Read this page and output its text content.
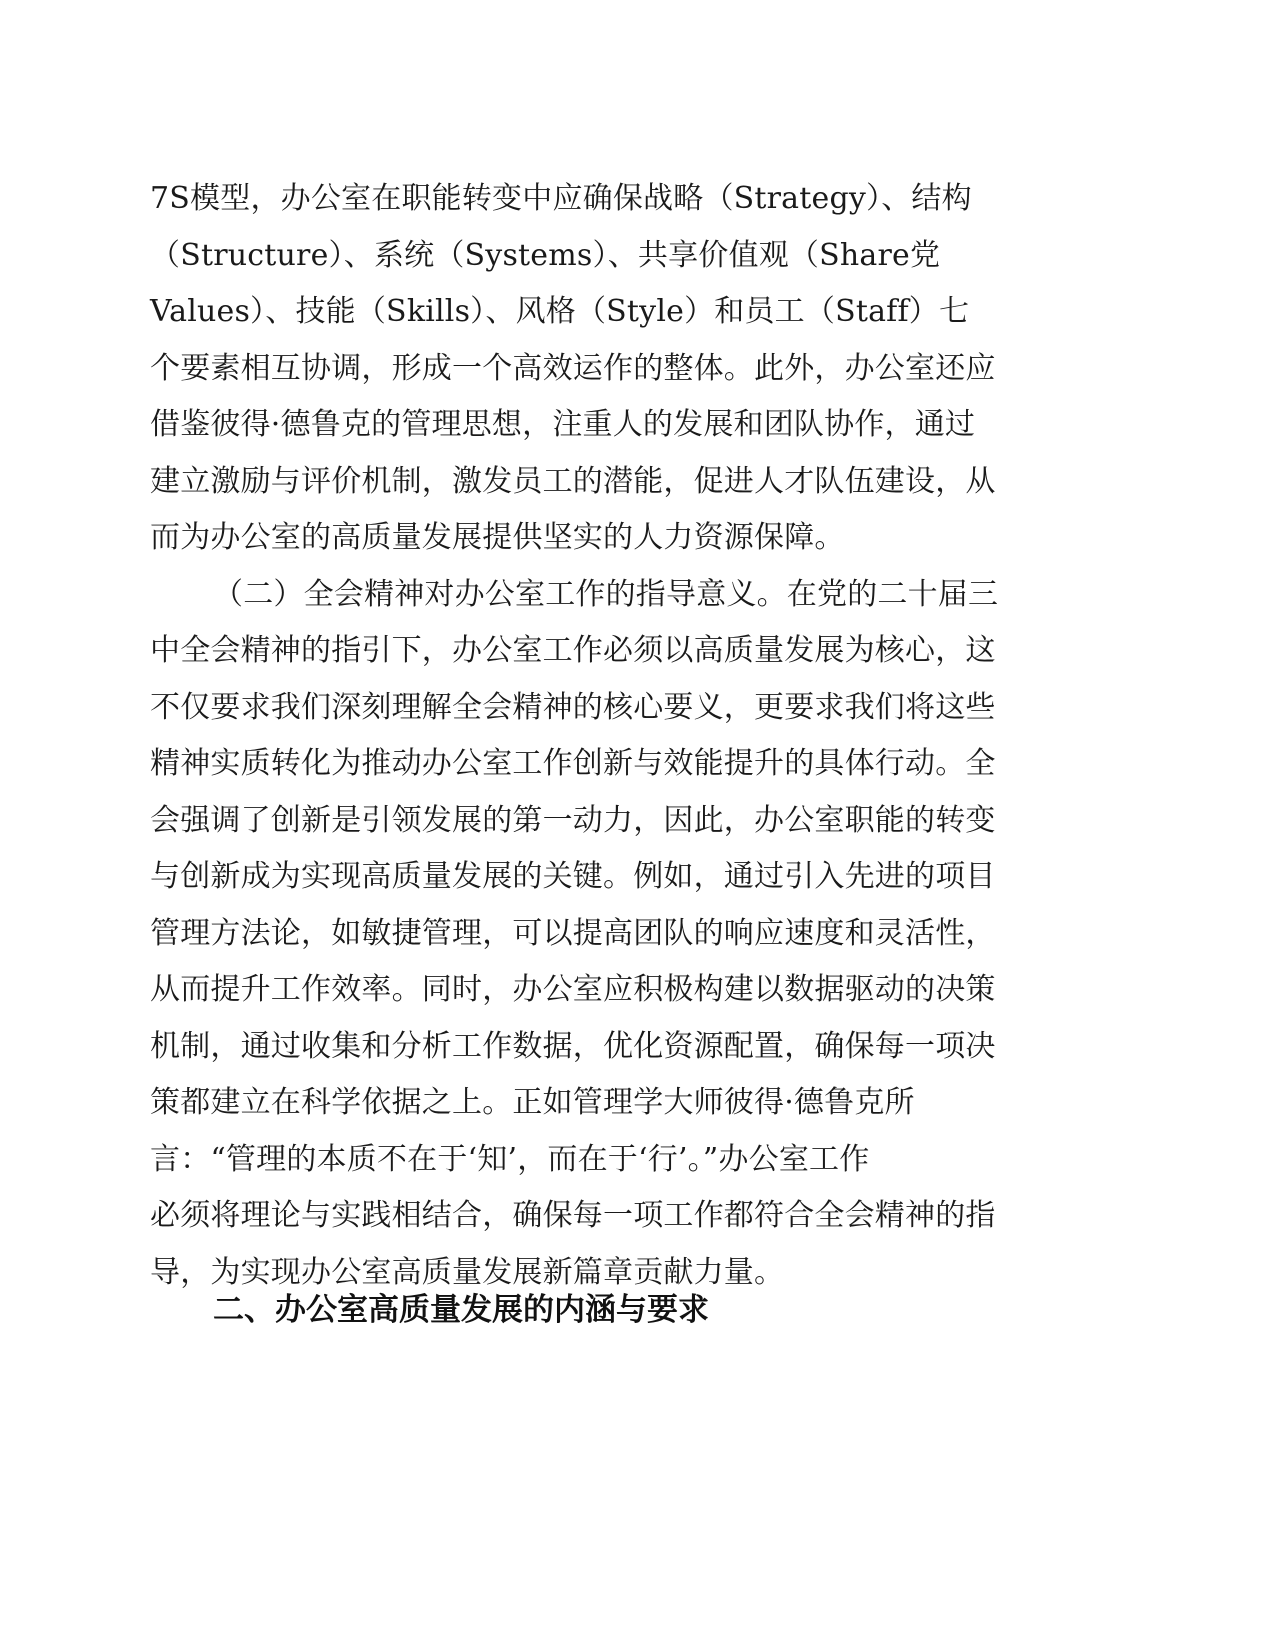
7S模型，办公室在职能转变中应确保战略（Strategy）、结构
（Structure）、系统（Systems）、共享价值观（Share党
Values）、技能（Skills）、风格（Style）和员工（Staff）七
个要素相互协调，形成一个高效运作的整体。此外，办公室还应
借鉴彼得·德鲁克的管理思想，注重人的发展和团队协作，通过
建立激励与评价机制，激发员工的潜能，促进人才队伍建设，从
而为办公室的高质量发展提供坚实的人力资源保障。

（二）全会精神对办公室工作的指导意义。在党的二十届三
中全会精神的指引下，办公室工作必须以高质量发展为核心，这
不仅要求我们深刻理解全会精神的核心要义，更要求我们将这些
精神实质转化为推动办公室工作创新与效能提升的具体行动。全
会强调了创新是引领发展的第一动力，因此，办公室职能的转变
与创新成为实现高质量发展的关键。例如，通过引入先进的项目
管理方法论，如敏捷管理，可以提高团队的响应速度和灵活性，
从而提升工作效率。同时，办公室应积极构建以数据驱动的决策
机制，通过收集和分析工作数据，优化资源配置，确保每一项决
策都建立在科学依据之上。正如管理学大师彼得·德鲁克所
言：“管理的本质不在于‘知’，而在于‘行’。”办公室工作
必须将理论与实践相结合，确保每一项工作都符合全会精神的指
导，为实现办公室高质量发展新篇章贡献力量。

二、办公室高质量发展的内涵与要求
